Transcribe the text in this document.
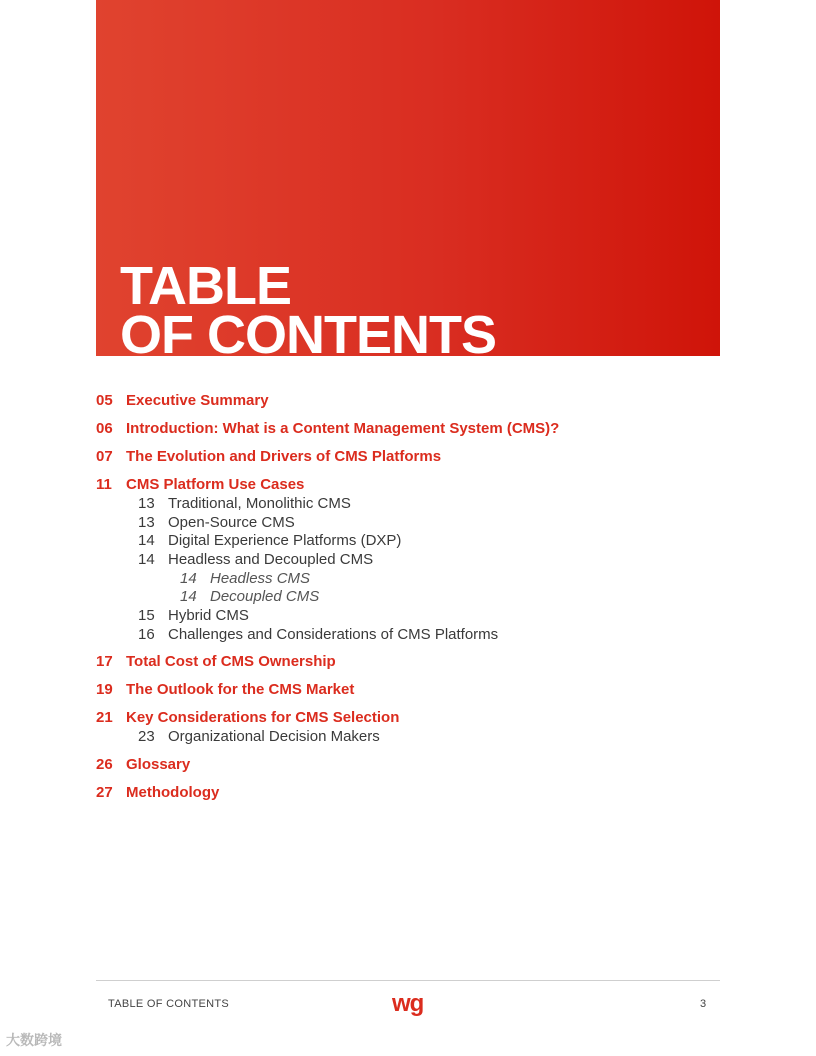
TABLE
OF CONTENTS
05 Executive Summary
06 Introduction: What is a Content Management System (CMS)?
07 The Evolution and Drivers of CMS Platforms
11 CMS Platform Use Cases
13 Traditional, Monolithic CMS
13 Open-Source CMS
14 Digital Experience Platforms (DXP)
14 Headless and Decoupled CMS
14 Headless CMS
14 Decoupled CMS
15 Hybrid CMS
16 Challenges and Considerations of CMS Platforms
17 Total Cost of CMS Ownership
19 The Outlook for the CMS Market
21 Key Considerations for CMS Selection
23 Organizational Decision Makers
26 Glossary
27 Methodology
TABLE OF CONTENTS	wg	3
大数跨境
